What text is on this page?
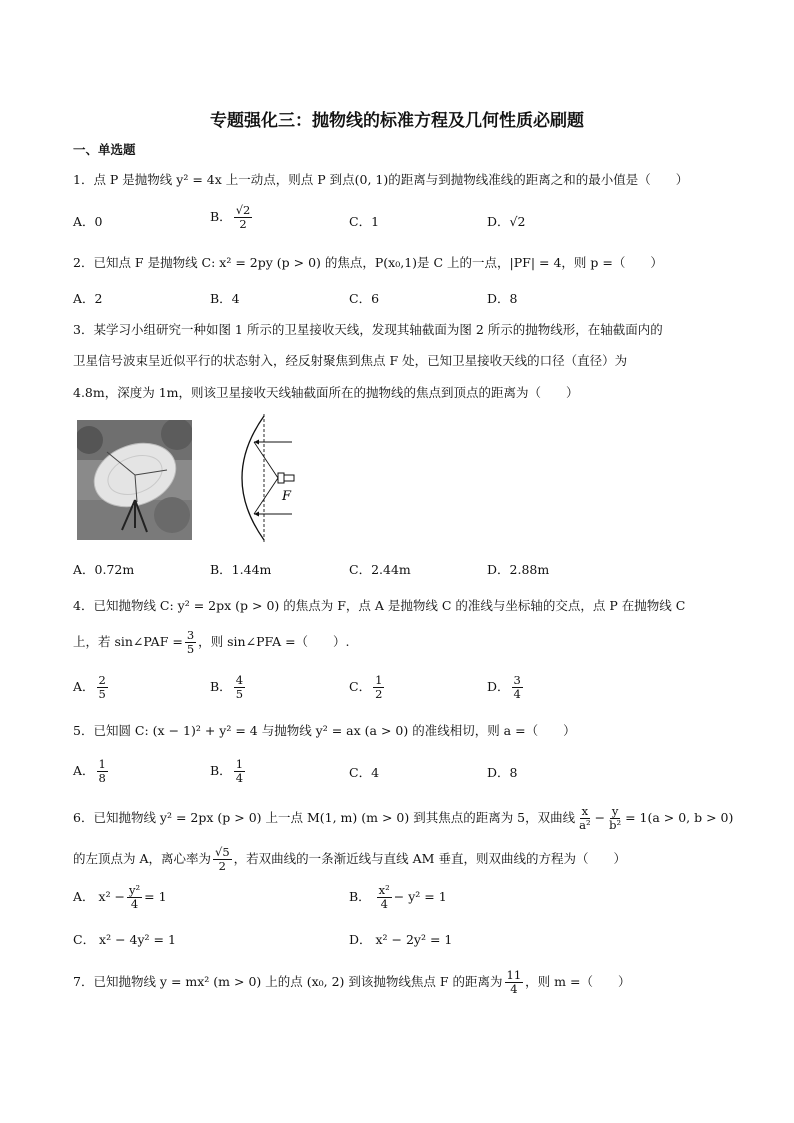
专题强化三：抛物线的标准方程及几何性质必刷题
一、单选题
1．点 P 是抛物线 y² = 4x 上一动点，则点 P 到点(0, 1)的距离与到抛物线准线的距离之和的最小值是（　　）
A．0	B． $\frac{√2}{2}$	C．1	D．√2
2．已知点 F 是抛物线 C: x² = 2py (p > 0) 的焦点，P(x₀,1)是 C 上的一点，|PF| = 4，则 p =（　　）
A．2	B．4	C．6	D．8
3．某学习小组研究一种如图 1 所示的卫星接收天线，发现其轴截面为图 2 所示的抛物线形，在轴截面内的
卫星信号波束呈近似平行的状态射入，经反射聚焦到焦点 F 处，已知卫星接收天线的口径（直径）为
4.8m，深度为 1m，则该卫星接收天线轴截面所在的抛物线的焦点到顶点的距离为（　　）
F
A．0.72m	B．1.44m	C．2.44m	D．2.88m
4．已知抛物线 C: y² = 2px (p > 0) 的焦点为 F，点 A 是抛物线 C 的准线与坐标轴的交点，点 P 在抛物线 C
上，若 sin∠PAF = $\frac{3}{5}$ ，则 sin∠PFA =（　　）.
A． $\frac{2}{5}$	B． $\frac{4}{5}$	C． $\frac{1}{2}$	D． $\frac{3}{4}$
5．已知圆 C: (x − 1)² + y² = 4 与抛物线 y² = ax (a > 0) 的准线相切，则 a =（　　）
A． $\frac{1}{8}$	B． $\frac{1}{4}$	C．4	D．8
6．已知抛物线 y² = 2px (p > 0) 上一点 M(1, m) (m > 0) 到其焦点的距离为 5，双曲线 $\frac{x}{\text{a²}} - \frac{y}{\text{b²}} = 1(a > 0$, b > 0)
的左顶点为 A，离心率为 $\frac{√5}{2}$ ，若双曲线的一条渐近线与直线 AM 垂直，则双曲线的方程为（　　）
A． $x^2 - \frac{\text{y²}}{4} = 1$	B． $\frac{\text{x²}}{4} - y^2 = 1$
C． x² − 4y² = 1	D． x² − 2y² = 1
7．已知抛物线 y = mx² (m > 0) 上的点 (x₀, 2) 到该抛物线焦点 F 的距离为 $\frac{11}{4}$ ，则 m =（　　）
